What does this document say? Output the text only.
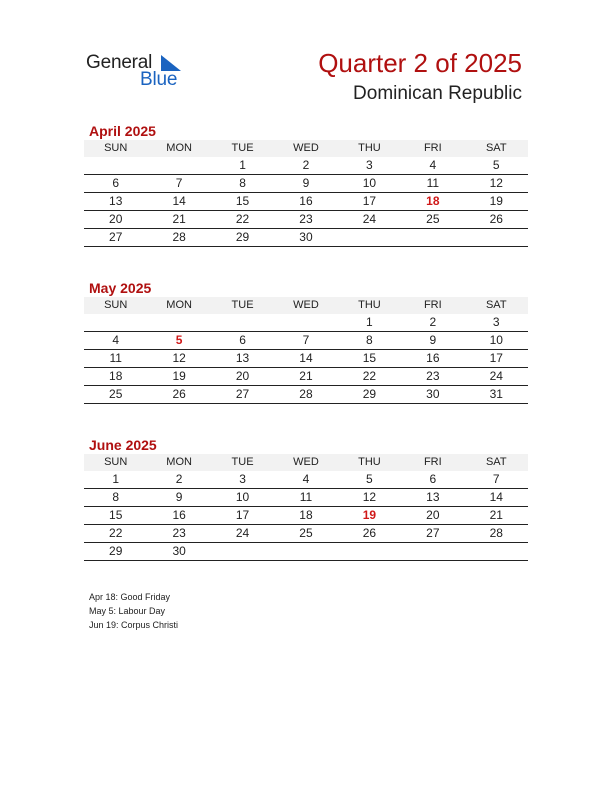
General
Blue
Quarter 2 of 2025
Dominican Republic
April 2025
SUN	MON	TUE	WED	THU	FRI	SAT
		1	2	3	4	5
6	7	8	9	10	11	12
13	14	15	16	17	18	19
20	21	22	23	24	25	26
27	28	29	30			
May 2025
SUN	MON	TUE	WED	THU	FRI	SAT
				1	2	3
4	5	6	7	8	9	10
11	12	13	14	15	16	17
18	19	20	21	22	23	24
25	26	27	28	29	30	31
June 2025
SUN	MON	TUE	WED	THU	FRI	SAT
1	2	3	4	5	6	7
8	9	10	11	12	13	14
15	16	17	18	19	20	21
22	23	24	25	26	27	28
29	30					
Apr 18: Good Friday
May 5: Labour Day
Jun 19: Corpus Christi
